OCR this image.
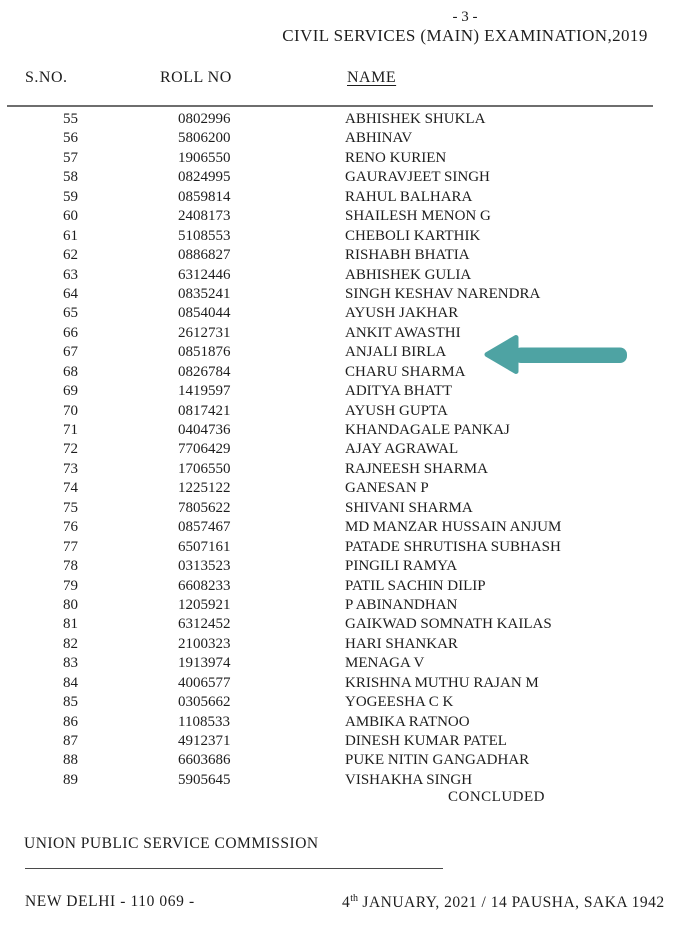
- 3 -
CIVIL SERVICES (MAIN) EXAMINATION,2019
S.NO.	ROLL NO	NAME
55	0802996	ABHISHEK SHUKLA
56	5806200	ABHINAV
57	1906550	RENO KURIEN
58	0824995	GAURAVJEET SINGH
59	0859814	RAHUL BALHARA
60	2408173	SHAILESH MENON G
61	5108553	CHEBOLI KARTHIK
62	0886827	RISHABH BHATIA
63	6312446	ABHISHEK GULIA
64	0835241	SINGH KESHAV NARENDRA
65	0854044	AYUSH JAKHAR
66	2612731	ANKIT AWASTHI
67	0851876	ANJALI BIRLA
68	0826784	CHARU SHARMA
69	1419597	ADITYA BHATT
70	0817421	AYUSH GUPTA
71	0404736	KHANDAGALE PANKAJ
72	7706429	AJAY AGRAWAL
73	1706550	RAJNEESH SHARMA
74	1225122	GANESAN P
75	7805622	SHIVANI SHARMA
76	0857467	MD MANZAR HUSSAIN ANJUM
77	6507161	PATADE SHRUTISHA SUBHASH
78	0313523	PINGILI RAMYA
79	6608233	PATIL SACHIN DILIP
80	1205921	P ABINANDHAN
81	6312452	GAIKWAD SOMNATH KAILAS
82	2100323	HARI SHANKAR
83	1913974	MENAGA V
84	4006577	KRISHNA MUTHU RAJAN M
85	0305662	YOGEESHA C K
86	1108533	AMBIKA RATNOO
87	4912371	DINESH KUMAR PATEL
88	6603686	PUKE NITIN GANGADHAR
89	5905645	VISHAKHA SINGH
CONCLUDED
UNION PUBLIC SERVICE COMMISSION
NEW DELHI - 110 069 -	4th JANUARY, 2021 / 14 PAUSHA, SAKA 1942
